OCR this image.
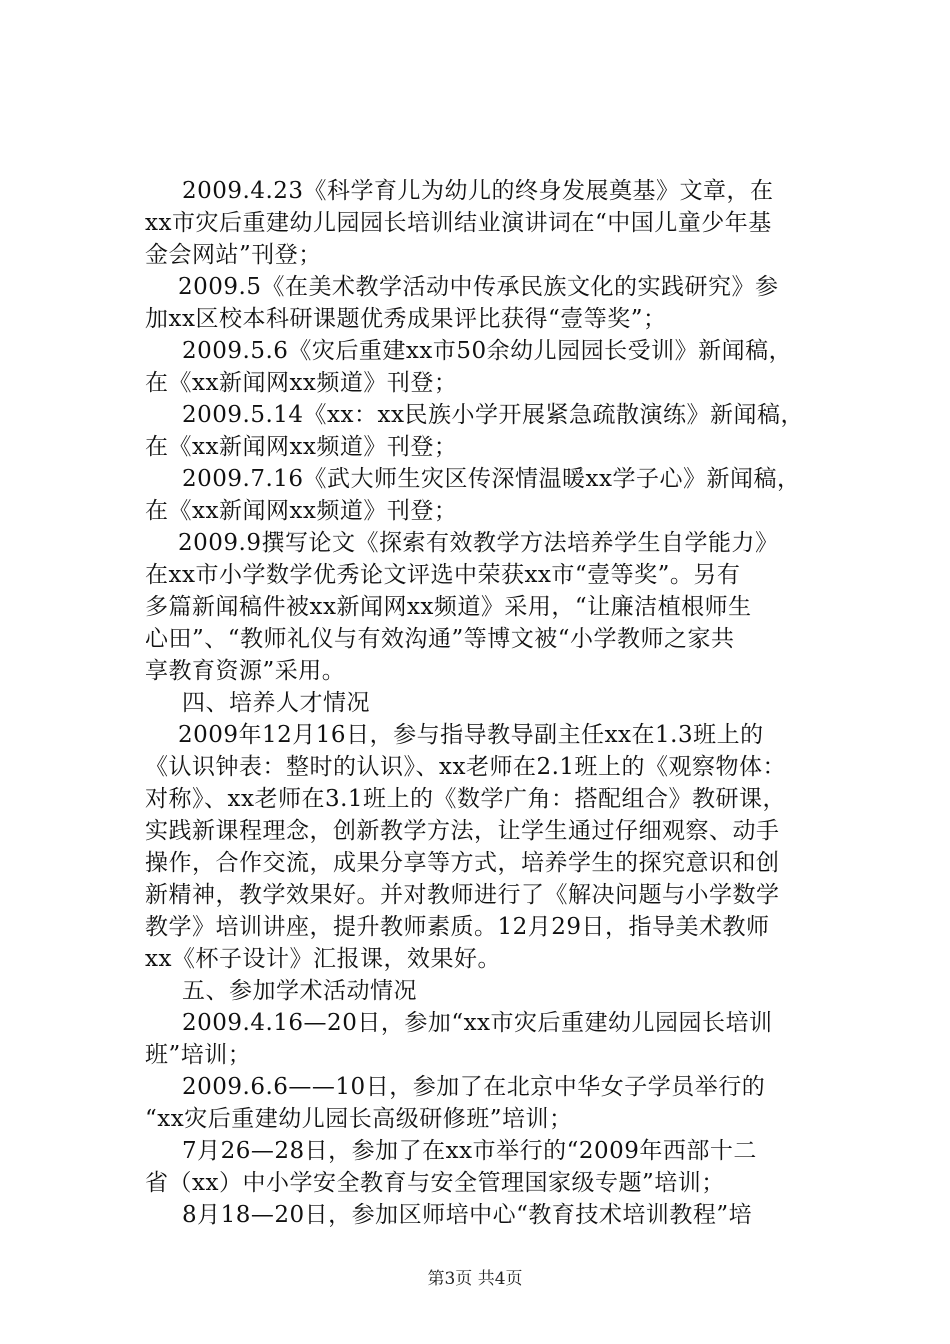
2009.4.23《科学育儿为幼儿的终身发展奠基》文章，在
xx市灾后重建幼儿园园长培训结业演讲词在“中国儿童少年基
金会网站”刊登；
2009.5《在美术教学活动中传承民族文化的实践研究》参
加xx区校本科研课题优秀成果评比获得“壹等奖”；
2009.5.6《灾后重建xx市50余幼儿园园长受训》新闻稿，
在《xx新闻网xx频道》刊登；
2009.5.14《xx：xx民族小学开展紧急疏散演练》新闻稿，
在《xx新闻网xx频道》刊登；
2009.7.16《武大师生灾区传深情温暖xx学子心》新闻稿，
在《xx新闻网xx频道》刊登；
2009.9撰写论文《探索有效教学方法培养学生自学能力》
在xx市小学数学优秀论文评选中荣获xx市“壹等奖”。另有
多篇新闻稿件被xx新闻网xx频道》采用，“让廉洁植根师生
心田”、“教师礼仪与有效沟通”等博文被“小学教师之家共
享教育资源”采用。
四、培养人才情况
2009年12月16日，参与指导教导副主任xx在1.3班上的
《认识钟表：整时的认识》、xx老师在2.1班上的《观察物体：
对称》、xx老师在3.1班上的《数学广角：搭配组合》教研课，
实践新课程理念，创新教学方法，让学生通过仔细观察、动手
操作，合作交流，成果分享等方式，培养学生的探究意识和创
新精神，教学效果好。并对教师进行了《解决问题与小学数学
教学》培训讲座，提升教师素质。12月29日，指导美术教师
xx《杯子设计》汇报课，效果好。
五、参加学术活动情况
2009.4.16—20日，参加“xx市灾后重建幼儿园园长培训
班”培训；
2009.6.6——10日，参加了在北京中华女子学员举行的
“xx灾后重建幼儿园长高级研修班”培训；
7月26—28日，参加了在xx市举行的“2009年西部十二
省（xx）中小学安全教育与安全管理国家级专题”培训；
8月18—20日，参加区师培中心“教育技术培训教程”培
第3页 共4页
